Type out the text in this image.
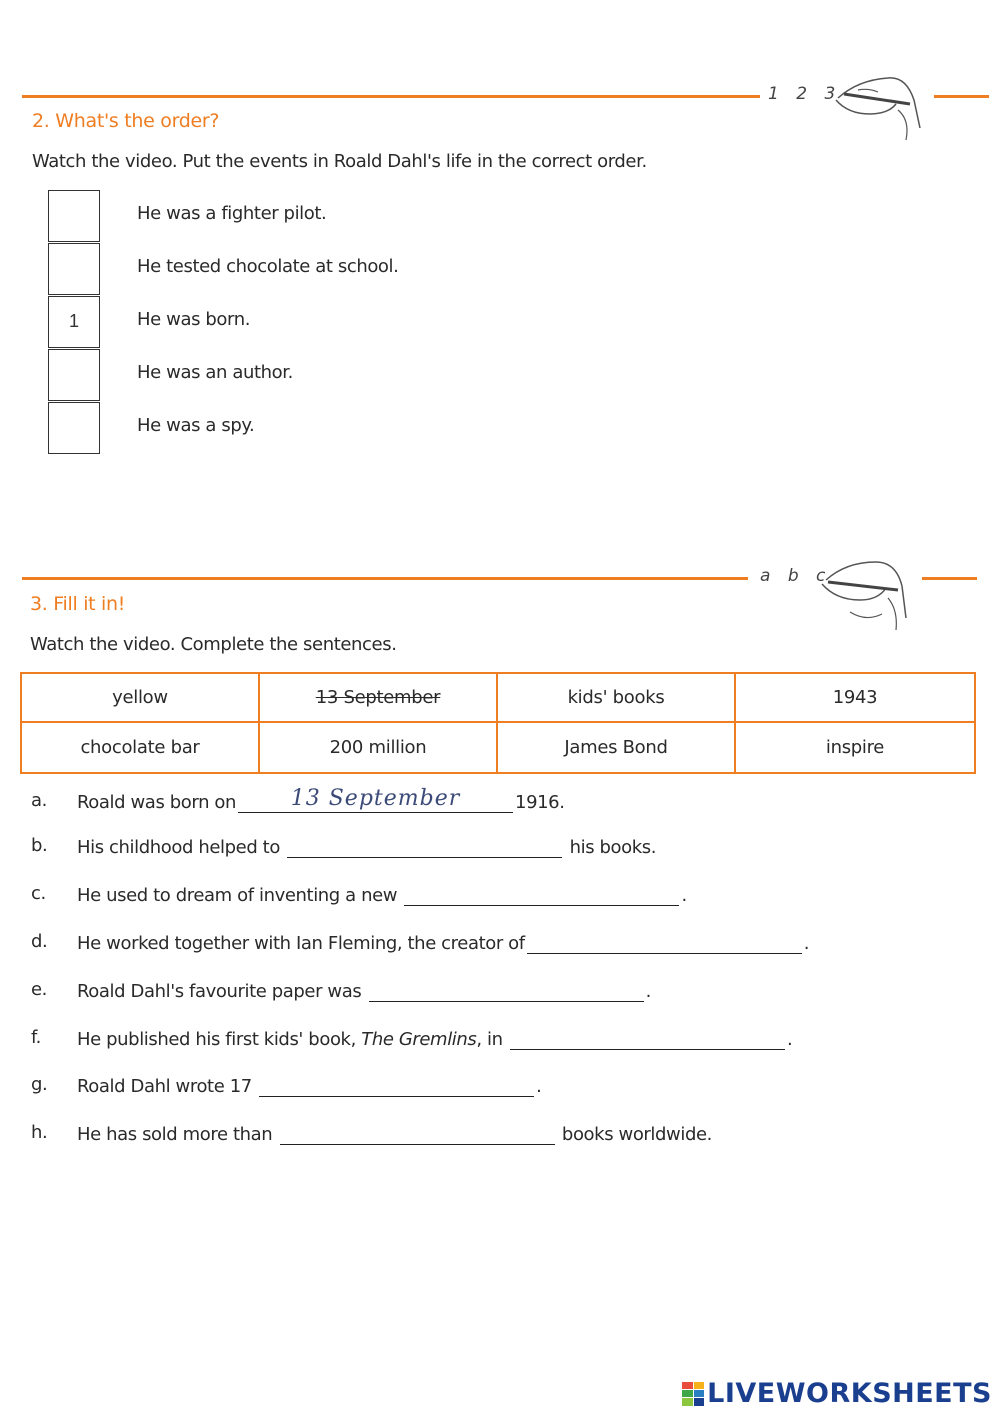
1 2 3
2. What's the order?
Watch the video. Put the events in Roald Dahl's life in the correct order.
He was a fighter pilot.
He tested chocolate at school.
1	He was born.
He was an author.
He was a spy.
a b c
3. Fill it in!
Watch the video. Complete the sentences.
yellow	13 September	kids' books	1943
chocolate bar	200 million	James Bond	inspire
a. Roald was born on	13 September	1916.
b. His childhood helped to	his books.
c. He used to dream of inventing a new	.
d. He worked together with Ian Fleming, the creator of	.
e. Roald Dahl's favourite paper was	.
f. He published his first kids' book, The Gremlins, in	.
g. Roald Dahl wrote 17	.
h. He has sold more than	books worldwide.
LIVEWORKSHEETS
